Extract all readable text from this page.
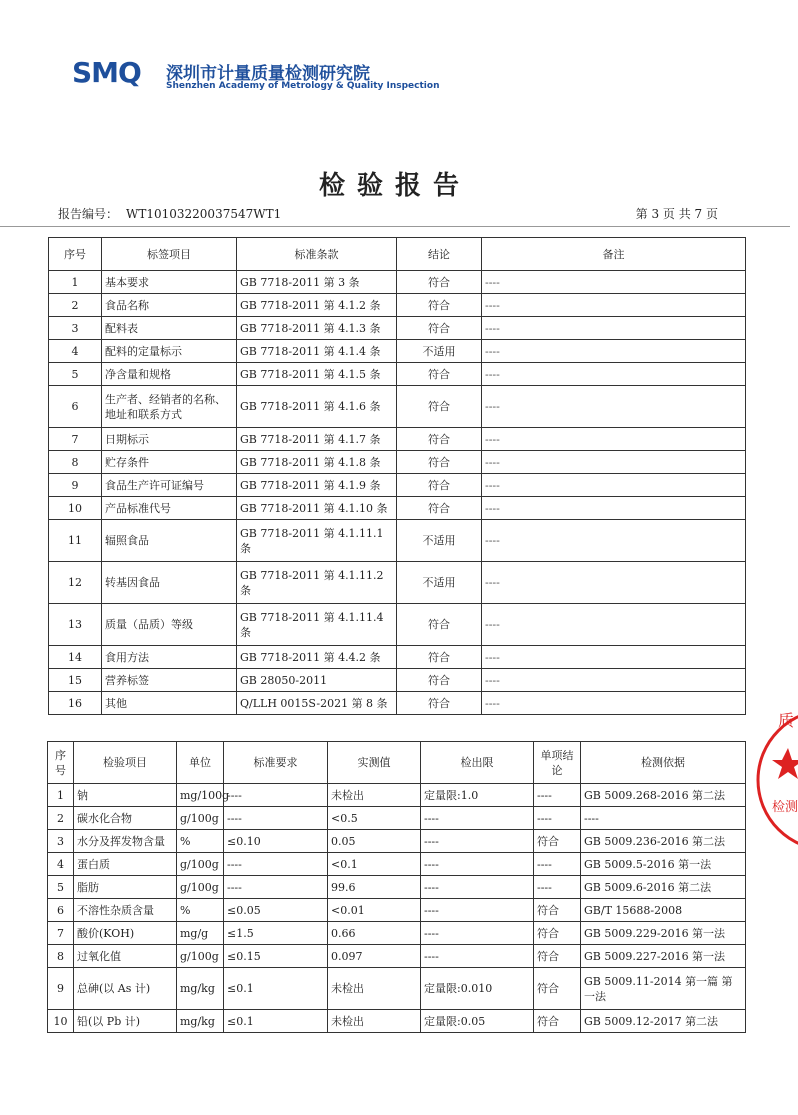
SMQ 深圳市计量质量检测研究院
Shenzhen Academy of Metrology & Quality Inspection
检验报告
报告编号： WT10103220037547WT1	第 3 页 共 7 页
序号	标签项目	标准条款	结论	备注
1	基本要求	GB 7718-2011 第 3 条	符合	----
2	食品名称	GB 7718-2011 第 4.1.2 条	符合	----
3	配料表	GB 7718-2011 第 4.1.3 条	符合	----
4	配料的定量标示	GB 7718-2011 第 4.1.4 条	不适用	----
5	净含量和规格	GB 7718-2011 第 4.1.5 条	符合	----
6	生产者、经销者的名称、地址和联系方式	GB 7718-2011 第 4.1.6 条	符合	----
7	日期标示	GB 7718-2011 第 4.1.7 条	符合	----
8	贮存条件	GB 7718-2011 第 4.1.8 条	符合	----
9	食品生产许可证编号	GB 7718-2011 第 4.1.9 条	符合	----
10	产品标准代号	GB 7718-2011 第 4.1.10 条	符合	----
11	辐照食品	GB 7718-2011 第 4.1.11.1 条	不适用	----
12	转基因食品	GB 7718-2011 第 4.1.11.2 条	不适用	----
13	质量（品质）等级	GB 7718-2011 第 4.1.11.4 条	符合	----
14	食用方法	GB 7718-2011 第 4.4.2 条	符合	----
15	营养标签	GB 28050-2011	符合	----
16	其他	Q/LLH 0015S-2021 第 8 条	符合	----
序号	检验项目	单位	标准要求	实测值	检出限	单项结论	检测依据
1	钠	mg/100g	----	未检出	定量限:1.0	----	GB 5009.268-2016 第二法
2	碳水化合物	g/100g	----	<0.5	----	----	----
3	水分及挥发物含量	%	≤0.10	0.05	----	符合	GB 5009.236-2016 第二法
4	蛋白质	g/100g	----	<0.1	----	----	GB 5009.5-2016 第一法
5	脂肪	g/100g	----	99.6	----	----	GB 5009.6-2016 第二法
6	不溶性杂质含量	%	≤0.05	<0.01	----	符合	GB/T 15688-2008
7	酸价(KOH)	mg/g	≤1.5	0.66	----	符合	GB 5009.229-2016 第一法
8	过氧化值	g/100g	≤0.15	0.097	----	符合	GB 5009.227-2016 第一法
9	总砷(以 As 计)	mg/kg	≤0.1	未检出	定量限:0.010	符合	GB 5009.11-2014 第一篇 第一法
10	铅(以 Pb 计)	mg/kg	≤0.1	未检出	定量限:0.05	符合	GB 5009.12-2017 第二法
质
检测
